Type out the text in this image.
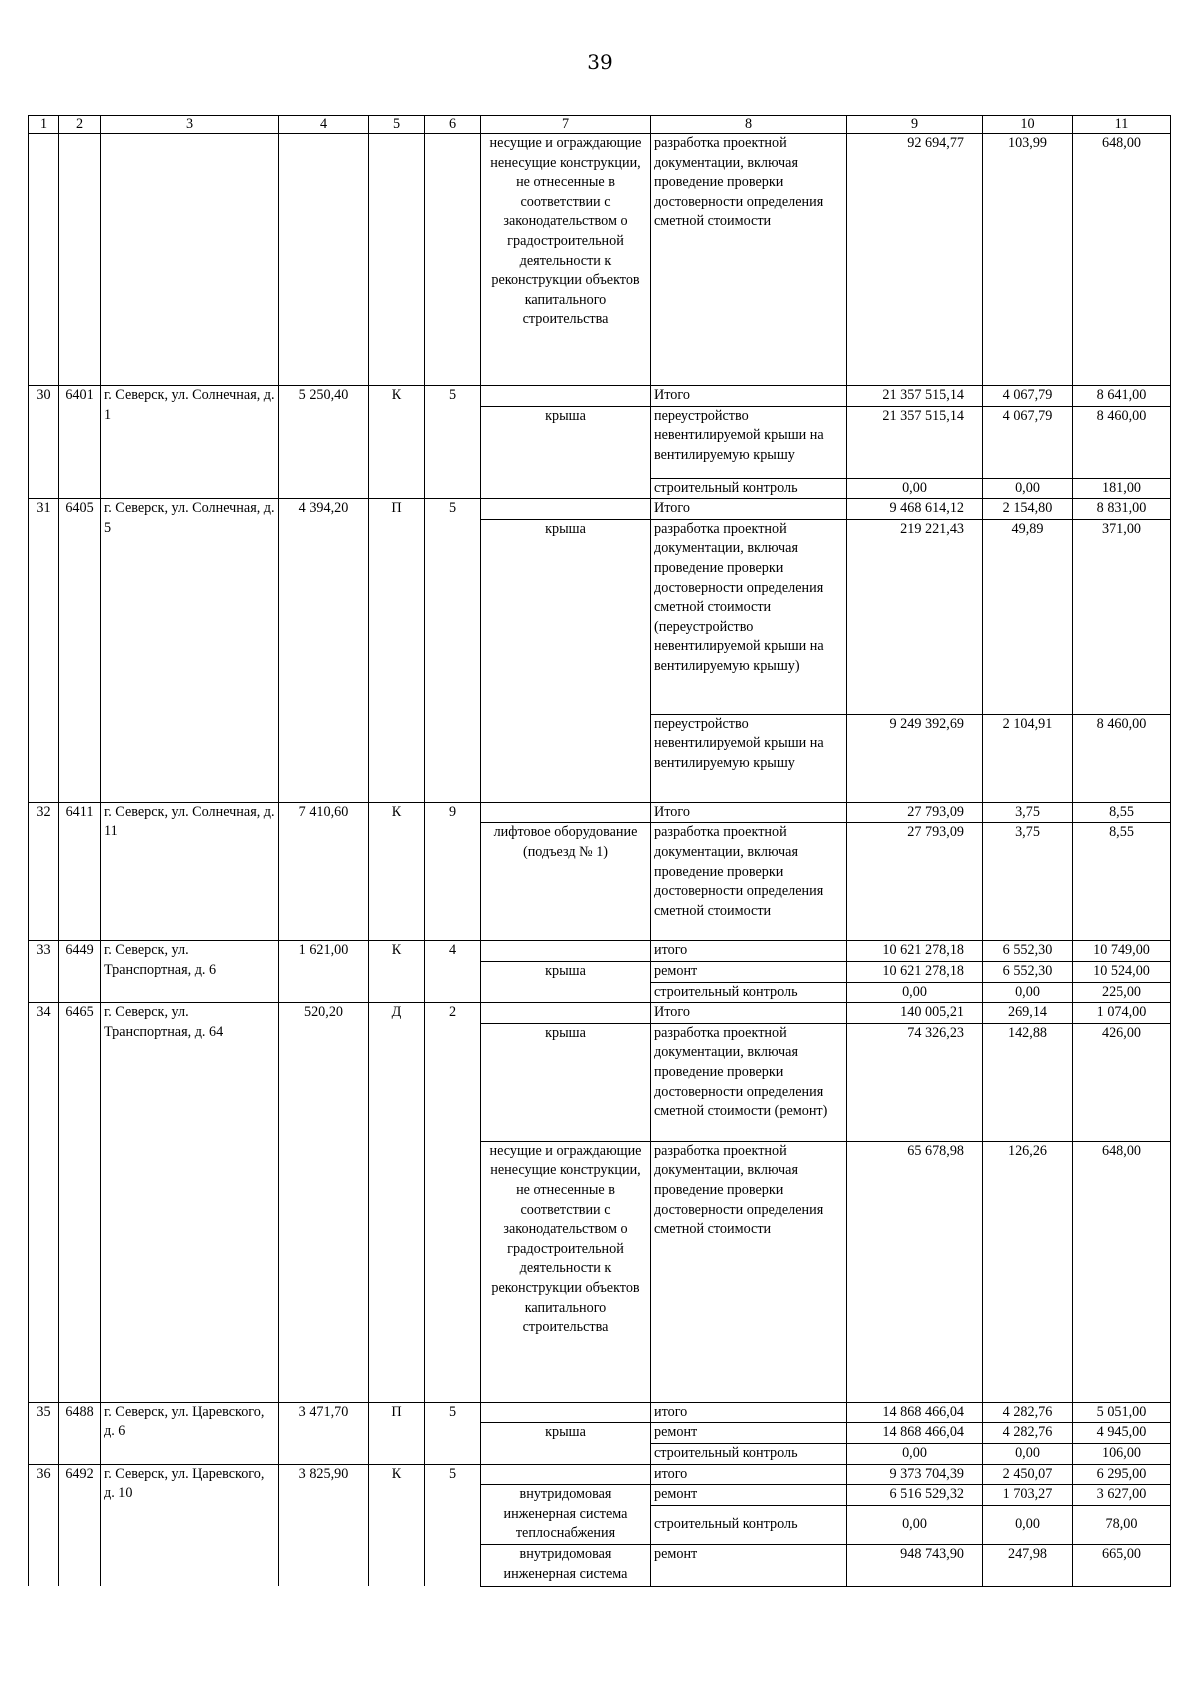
39
1	2	3	4	5	6	7	8	9	10	11
						несущие и ограждающие ненесущие конструкции, не отнесенные в соответствии с законодательством о градостроительной деятельности к реконструкции объектов капитального строительства	разработка проектной документации, включая проведение проверки достоверности определения сметной стоимости	92 694,77	103,99	648,00
30	6401	г. Северск, ул. Солнечная, д. 1	5 250,40	К	5		Итого	21 357 515,14	4 067,79	8 641,00
						крыша	переустройство невентилируемой крыши на вентилируемую крышу	21 357 515,14	4 067,79	8 460,00
							строительный контроль	0,00	0,00	181,00
31	6405	г. Северск, ул. Солнечная, д. 5	4 394,20	П	5		Итого	9 468 614,12	2 154,80	8 831,00
						крыша	разработка проектной документации, включая проведение проверки достоверности определения сметной стоимости (переустройство невентилируемой крыши на вентилируемую крышу)	219 221,43	49,89	371,00
							переустройство невентилируемой крыши на вентилируемую крышу	9 249 392,69	2 104,91	8 460,00
32	6411	г. Северск, ул. Солнечная, д. 11	7 410,60	К	9		Итого	27 793,09	3,75	8,55
						лифтовое оборудование (подъезд № 1)	разработка проектной документации, включая проведение проверки достоверности определения сметной стоимости	27 793,09	3,75	8,55
33	6449	г. Северск, ул. Транспортная, д. 6	1 621,00	К	4		итого	10 621 278,18	6 552,30	10 749,00
						крыша	ремонт	10 621 278,18	6 552,30	10 524,00
							строительный контроль	0,00	0,00	225,00
34	6465	г. Северск, ул. Транспортная, д. 64	520,20	Д	2		Итого	140 005,21	269,14	1 074,00
						крыша	разработка проектной документации, включая проведение проверки достоверности определения сметной стоимости (ремонт)	74 326,23	142,88	426,00
						несущие и ограждающие ненесущие конструкции, не отнесенные в соответствии с законодательством о градостроительной деятельности к реконструкции объектов капитального строительства	разработка проектной документации, включая проведение проверки достоверности определения сметной стоимости	65 678,98	126,26	648,00
35	6488	г. Северск, ул. Царевского, д. 6	3 471,70	П	5		итого	14 868 466,04	4 282,76	5 051,00
						крыша	ремонт	14 868 466,04	4 282,76	4 945,00
							строительный контроль	0,00	0,00	106,00
36	6492	г. Северск, ул. Царевского, д. 10	3 825,90	К	5		итого	9 373 704,39	2 450,07	6 295,00
						внутридомовая инженерная система теплоснабжения	ремонт	6 516 529,32	1 703,27	3 627,00
							строительный контроль	0,00	0,00	78,00
						внутридомовая инженерная система	ремонт	948 743,90	247,98	665,00
